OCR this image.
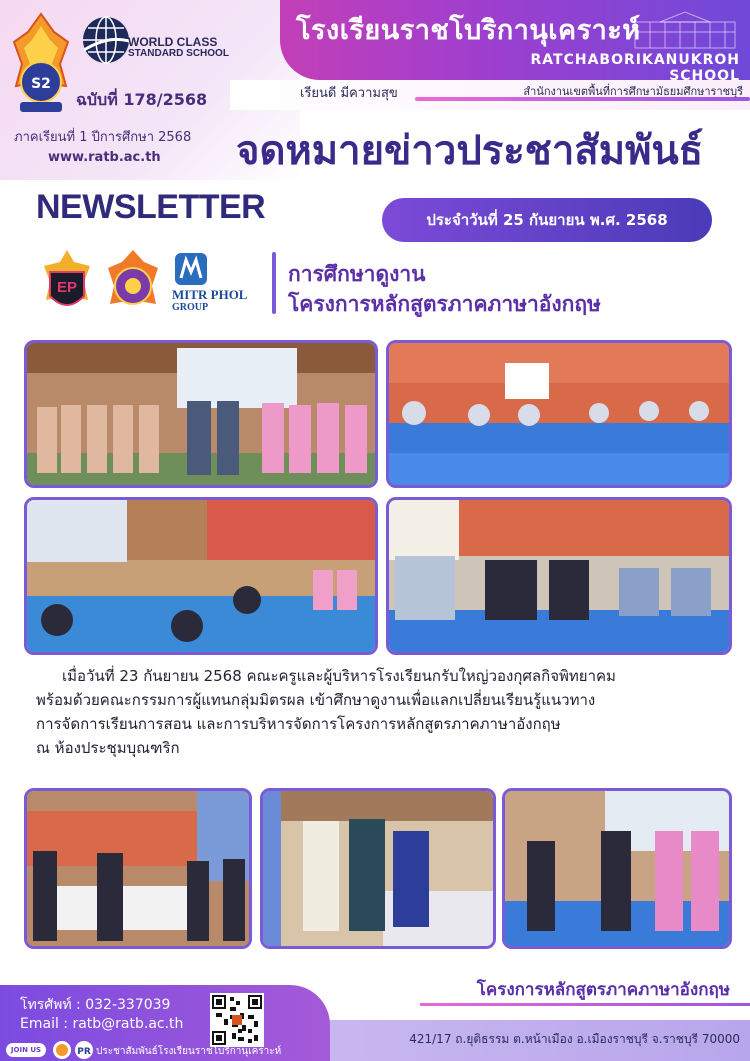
โรงเรียนราชโบริกานุเคราะห์
RATCHABORIKANUKROH SCHOOL
เรียนดี มีความสุข	สำนักงานเขตพื้นที่การศึกษามัธยมศึกษาราชบุรี
S2
WORLD CLASS
STANDARD SCHOOL
ฉบับที่ 178/2568
ภาคเรียนที่ 1 ปีการศึกษา 2568
www.ratb.ac.th จดหมายข่าวประชาสัมพันธ์
NEWSLETTER	ประจำวันที่ 25 กันยายน พ.ศ. 2568
EP	MITR PHOL
GROUP
การศึกษาดูงาน
โครงการหลักสูตรภาคภาษาอังกฤษ

เมื่อวันที่ 23 กันยายน 2568 คณะครูและผู้บริหารโรงเรียนกรับใหญ่วองกุศลกิจพิทยาคม

พร้อมด้วยคณะกรรมการผู้แทนกลุ่มมิตรผล เข้าศึกษาดูงานเพื่อแลกเปลี่ยนเรียนรู้แนวทาง

การจัดการเรียนการสอน และการบริหารจัดการโครงการหลักสูตรภาคภาษาอังกฤษ

ณ ห้องประชุมบุณฑริก

โครงการหลักสูตรภาคภาษาอังกฤษ
โทรศัพท์ : 032-337039
Email : ratb@ratb.ac.th
JOIN US	PR ประชาสัมพันธ์โรงเรียนราชโบริกานุเคราะห์
421/17 ถ.ยุติธรรม ต.หน้าเมือง อ.เมืองราชบุรี จ.ราชบุรี 70000
